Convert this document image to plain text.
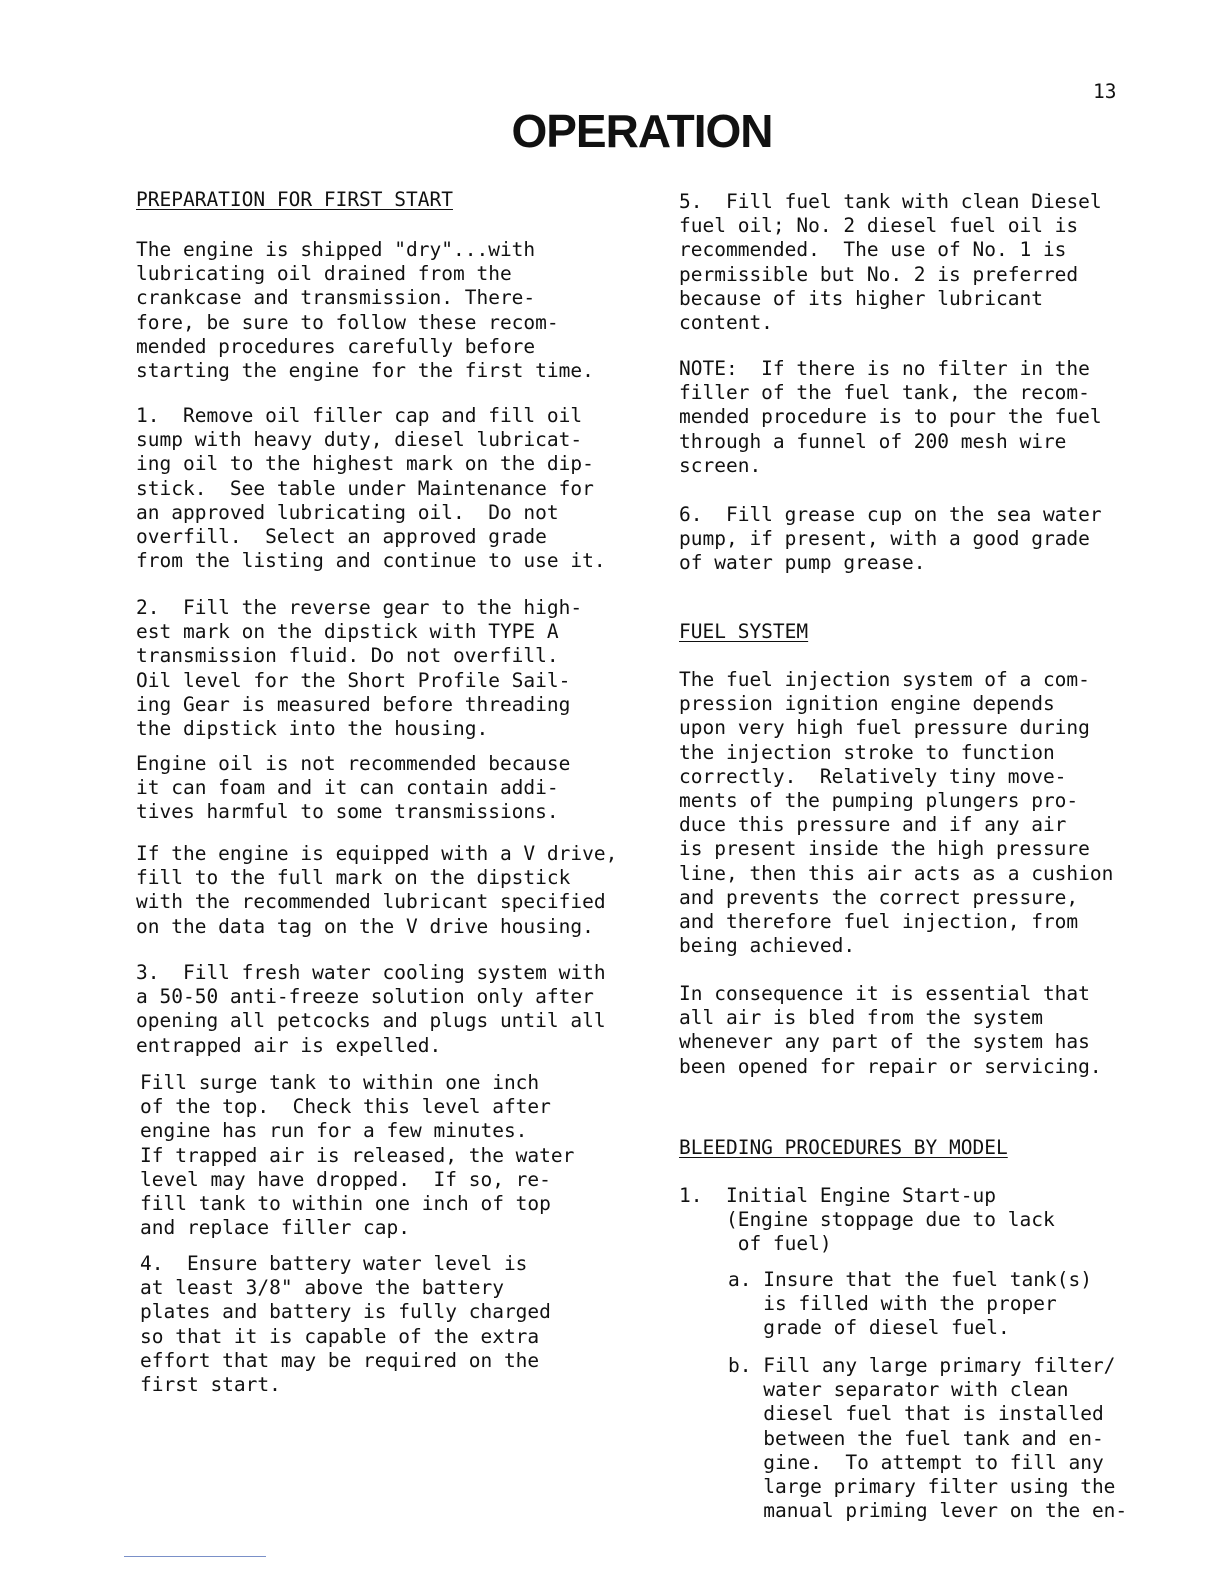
13
OPERATION
PREPARATION FOR FIRST START

The engine is shipped "dry"...with
lubricating oil drained from the
crankcase and transmission. There-
fore, be sure to follow these recom-
mended procedures carefully before
starting the engine for the first time.

1.  Remove oil filler cap and fill oil
sump with heavy duty, diesel lubricat-
ing oil to the highest mark on the dip-
stick.  See table under Maintenance for
an approved lubricating oil.  Do not
overfill.  Select an approved grade
from the listing and continue to use it.

2.  Fill the reverse gear to the high-
est mark on the dipstick with TYPE A
transmission fluid. Do not overfill.
Oil level for the Short Profile Sail-
ing Gear is measured before threading
the dipstick into the housing.

Engine oil is not recommended because
it can foam and it can contain addi-
tives harmful to some transmissions.

If the engine is equipped with a V drive,
fill to the full mark on the dipstick
with the recommended lubricant specified
on the data tag on the V drive housing.

3.  Fill fresh water cooling system with
a 50-50 anti-freeze solution only after
opening all petcocks and plugs until all
entrapped air is expelled.

Fill surge tank to within one inch
of the top.  Check this level after
engine has run for a few minutes.
If trapped air is released, the water
level may have dropped.  If so, re-
fill tank to within one inch of top
and replace filler cap.

4.  Ensure battery water level is
at least 3/8" above the battery
plates and battery is fully charged
so that it is capable of the extra
effort that may be required on the
first start.

5.  Fill fuel tank with clean Diesel
fuel oil; No. 2 diesel fuel oil is
recommended.  The use of No. 1 is
permissible but No. 2 is preferred
because of its higher lubricant
content.

NOTE:  If there is no filter in the
filler of the fuel tank, the recom-
mended procedure is to pour the fuel
through a funnel of 200 mesh wire
screen.

6.  Fill grease cup on the sea water
pump, if present, with a good grade
of water pump grease.

FUEL SYSTEM

The fuel injection system of a com-
pression ignition engine depends
upon very high fuel pressure during
the injection stroke to function
correctly.  Relatively tiny move-
ments of the pumping plungers pro-
duce this pressure and if any air
is present inside the high pressure
line, then this air acts as a cushion
and prevents the correct pressure,
and therefore fuel injection, from
being achieved.

In consequence it is essential that
all air is bled from the system
whenever any part of the system has
been opened for repair or servicing.

BLEEDING PROCEDURES BY MODEL

1.  Initial Engine Start-up
(Engine stoppage due to lack
of fuel)

a. Insure that the fuel tank(s)
is filled with the proper
grade of diesel fuel.

b. Fill any large primary filter/
water separator with clean
diesel fuel that is installed
between the fuel tank and en-
gine.  To attempt to fill any
large primary filter using the
manual priming lever on the en-
